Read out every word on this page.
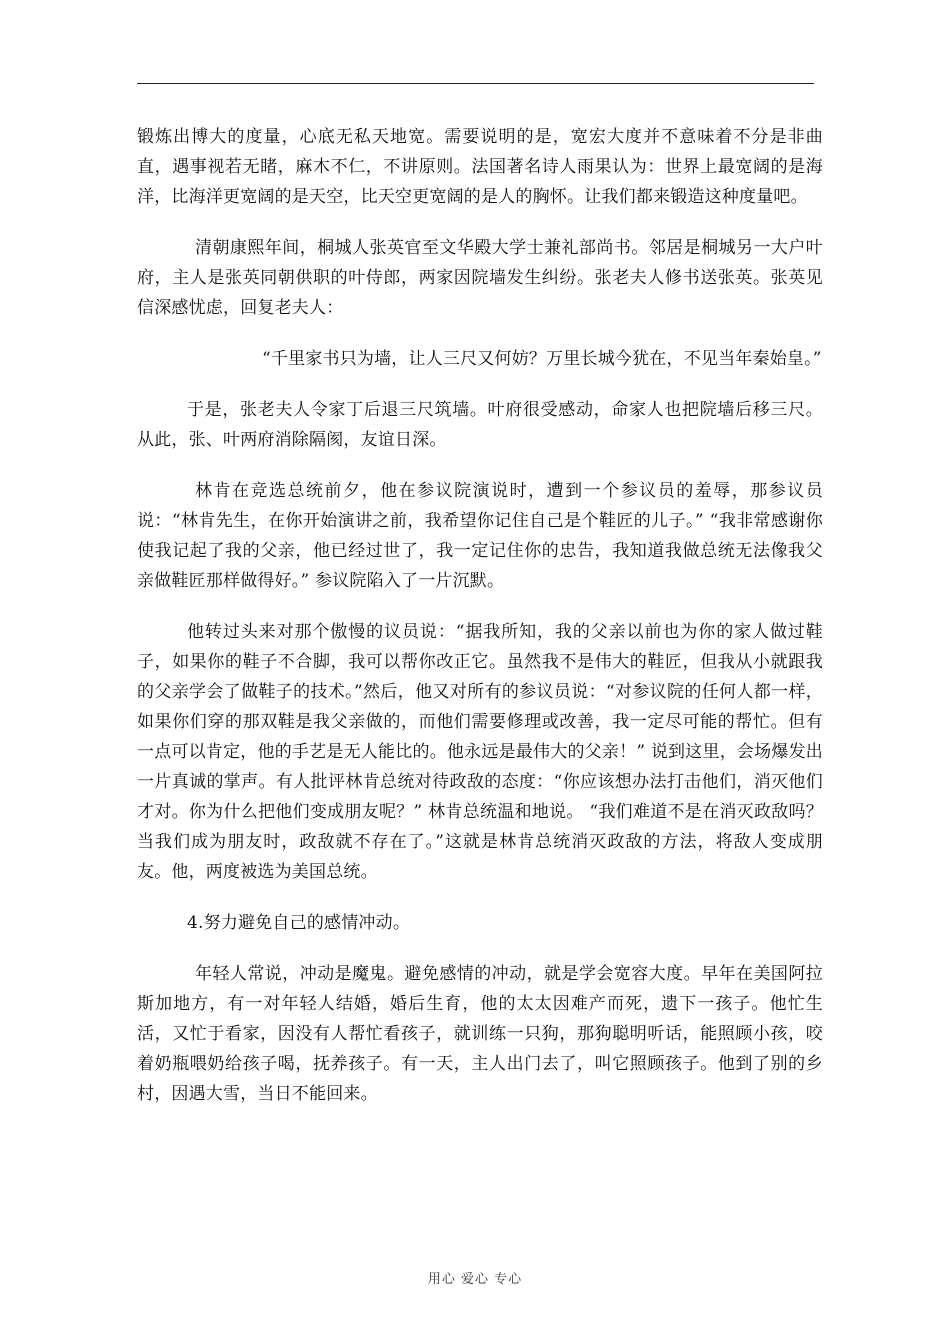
锻炼出博大的度量，心底无私天地宽。需要说明的是，宽宏大度并不意味着不分是非曲直，遇事视若无睹，麻木不仁，不讲原则。法国著名诗人雨果认为：世界上最宽阔的是海洋，比海洋更宽阔的是天空，比天空更宽阔的是人的胸怀。让我们都来锻造这种度量吧。

清朝康熙年间，桐城人张英官至文华殿大学士兼礼部尚书。邻居是桐城另一大户叶府，主人是张英同朝供职的叶侍郎，两家因院墙发生纠纷。张老夫人修书送张英。张英见信深感忧虑，回复老夫人：

“千里家书只为墙，让人三尺又何妨？万里长城今犹在，不见当年秦始皇。”

于是，张老夫人令家丁后退三尺筑墙。叶府很受感动，命家人也把院墙后移三尺。从此，张、叶两府消除隔阂，友谊日深。

林肯在竞选总统前夕，他在参议院演说时，遭到一个参议员的羞辱，那参议员说：“林肯先生，在你开始演讲之前，我希望你记住自己是个鞋匠的儿子。” “我非常感谢你使我记起了我的父亲，他已经过世了，我一定记住你的忠告，我知道我做总统无法像我父亲做鞋匠那样做得好。” 参议院陷入了一片沉默。

他转过头来对那个傲慢的议员说：“据我所知，我的父亲以前也为你的家人做过鞋子，如果你的鞋子不合脚，我可以帮你改正它。虽然我不是伟大的鞋匠，但我从小就跟我的父亲学会了做鞋子的技术。”然后，他又对所有的参议员说：“对参议院的任何人都一样，如果你们穿的那双鞋是我父亲做的，而他们需要修理或改善，我一定尽可能的帮忙。但有一点可以肯定，他的手艺是无人能比的。他永远是最伟大的父亲！” 说到这里，会场爆发出一片真诚的掌声。有人批评林肯总统对待政敌的态度：“你应该想办法打击他们，消灭他们才对。你为什么把他们变成朋友呢？” 林肯总统温和地说。 “我们难道不是在消灭政敌吗？当我们成为朋友时，政敌就不存在了。”这就是林肯总统消灭政敌的方法，将敌人变成朋友。他，两度被选为美国总统。

4.努力避免自己的感情冲动。

年轻人常说，冲动是魔鬼。避免感情的冲动，就是学会宽容大度。早年在美国阿拉斯加地方，有一对年轻人结婚，婚后生育，他的太太因难产而死，遗下一孩子。他忙生活，又忙于看家，因没有人帮忙看孩子，就训练一只狗，那狗聪明听话，能照顾小孩，咬着奶瓶喂奶给孩子喝，抚养孩子。有一天，主人出门去了，叫它照顾孩子。他到了别的乡村，因遇大雪，当日不能回来。

用心 爱心 专心
